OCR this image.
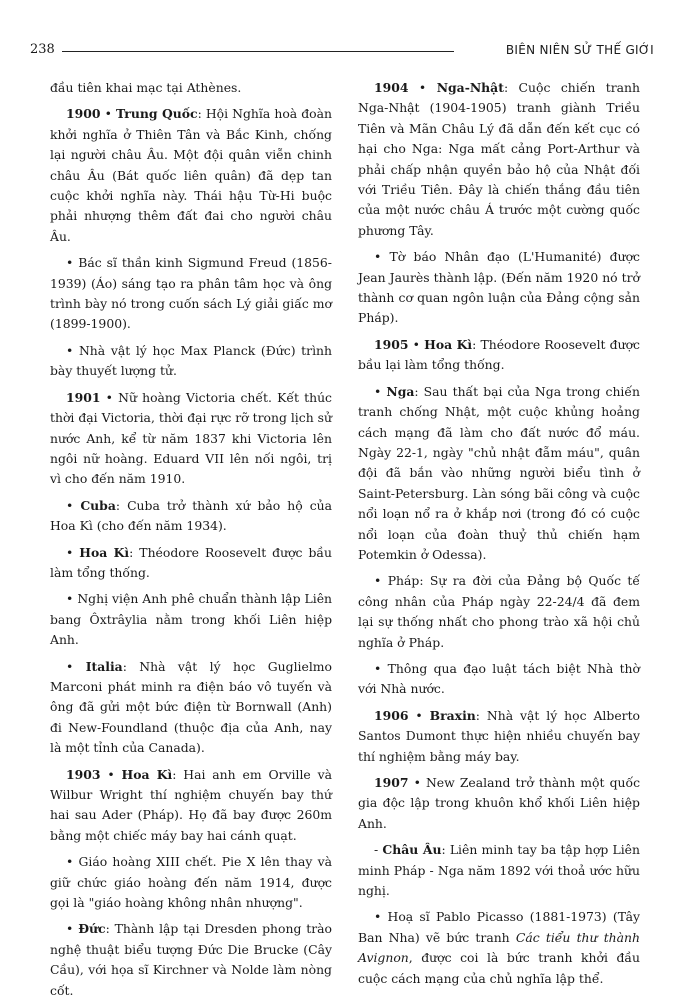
238	BIÊN NIÊN SỬ THẾ GIỚI

đầu tiên khai mạc tại Athènes.

1900 • Trung Quốc: Hội Nghĩa hoà đoàn khởi nghĩa ở Thiên Tân và Bắc Kinh, chống lại người châu Âu. Một đội quân viễn chinh châu Âu (Bát quốc liên quân) đã dẹp tan cuộc khởi nghĩa này. Thái hậu Từ-Hi buộc phải nhượng thêm đất đai cho người châu Âu.

• Bác sĩ thần kinh Sigmund Freud (1856-1939) (Áo) sáng tạo ra phân tâm học và ông trình bày nó trong cuốn sách Lý giải giấc mơ (1899-1900).

• Nhà vật lý học Max Planck (Đức) trình bày thuyết lượng tử.

1901 • Nữ hoàng Victoria chết. Kết thúc thời đại Victoria, thời đại rực rỡ trong lịch sử nước Anh, kể từ năm 1837 khi Victoria lên ngôi nữ hoàng. Eduard VII lên nối ngôi, trị vì cho đến năm 1910.

• Cuba: Cuba trở thành xứ bảo hộ của Hoa Kì (cho đến năm 1934).

• Hoa Kì: Théodore Roosevelt được bầu làm tổng thống.

• Nghị viện Anh phê chuẩn thành lập Liên bang Ôxtrâylia nằm trong khối Liên hiệp Anh.

• Italia: Nhà vật lý học Guglielmo Marconi phát minh ra điện báo vô tuyến và ông đã gửi một bức điện từ Bornwall (Anh) đi New-Foundland (thuộc địa của Anh, nay là một tỉnh của Canada).

1903 • Hoa Kì: Hai anh em Orville và Wilbur Wright thí nghiệm chuyến bay thứ hai sau Ader (Pháp). Họ đã bay được 260m bằng một chiếc máy bay hai cánh quạt.

• Giáo hoàng XIII chết. Pie X lên thay và giữ chức giáo hoàng đến năm 1914, được gọi là "giáo hoàng không nhân nhượng".

• Đức: Thành lập tại Dresden phong trào nghệ thuật biểu tượng Đức Die Brucke (Cây Cầu), với họa sĩ Kirchner và Nolde làm nòng cốt.

1904 • Nga-Nhật: Cuộc chiến tranh Nga-Nhật (1904-1905) tranh giành Triều Tiên và Mãn Châu Lý đã dẫn đến kết cục có hại cho Nga: Nga mất cảng Port-Arthur và phải chấp nhận quyền bảo hộ của Nhật đối với Triều Tiên. Đây là chiến thắng đầu tiên của một nước châu Á trước một cường quốc phương Tây.

• Tờ báo Nhân đạo (L'Humanité) được Jean Jaurès thành lập. (Đến năm 1920 nó trở thành cơ quan ngôn luận của Đảng cộng sản Pháp).

1905 • Hoa Kì: Théodore Roosevelt được bầu lại làm tổng thống.

• Nga: Sau thất bại của Nga trong chiến tranh chống Nhật, một cuộc khủng hoảng cách mạng đã làm cho đất nước đổ máu. Ngày 22-1, ngày "chủ nhật đẫm máu", quân đội đã bắn vào những người biểu tình ở Saint-Petersburg. Làn sóng bãi công và cuộc nổi loạn nổ ra ở khắp nơi (trong đó có cuộc nổi loạn của đoàn thuỷ thủ chiến hạm Potemkin ở Odessa).

• Pháp: Sự ra đời của Đảng bộ Quốc tế công nhân của Pháp ngày 22-24/4 đã đem lại sự thống nhất cho phong trào xã hội chủ nghĩa ở Pháp.

• Thông qua đạo luật tách biệt Nhà thờ với Nhà nước.

1906 • Braxin: Nhà vật lý học Alberto Santos Dumont thực hiện nhiều chuyến bay thí nghiệm bằng máy bay.

1907 • New Zealand trở thành một quốc gia độc lập trong khuôn khổ khối Liên hiệp Anh.

- Châu Âu: Liên minh tay ba tập hợp Liên minh Pháp - Nga năm 1892 với thoả ước hữu nghị.

• Hoạ sĩ Pablo Picasso (1881-1973) (Tây Ban Nha) vẽ bức tranh Các tiểu thư thành Avignon, được coi là bức tranh khởi đầu cuộc cách mạng của chủ nghĩa lập thể.
